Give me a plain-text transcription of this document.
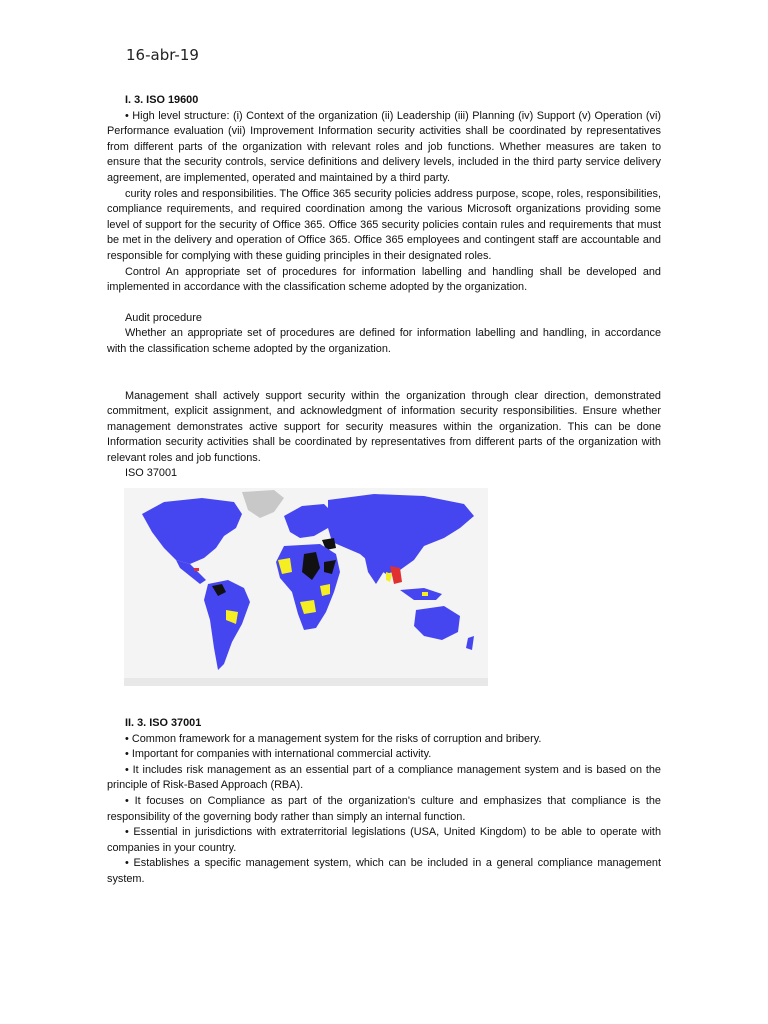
16-abr-19

I. 3. ISO 19600

• High level structure: (i) Context of the organization (ii) Leadership (iii) Planning (iv) Support (v) Operation (vi) Performance evaluation (vii) Improvement Information security activities shall be coordinated by representatives from different parts of the organization with relevant roles and job functions. Whether measures are taken to ensure that the security controls, service definitions and delivery levels, included in the third party service delivery agreement, are implemented, operated and maintained by a third party.

curity roles and responsibilities. The Office 365 security policies address purpose, scope, roles, responsibilities, compliance requirements, and required coordination among the various Microsoft organizations providing some level of support for the security of Office 365. Office 365 security policies contain rules and requirements that must be met in the delivery and operation of Office 365. Office 365 employees and contingent staff are accountable and responsible for complying with these guiding principles in their designated roles.

Control An appropriate set of procedures for information labelling and handling shall be developed and implemented in accordance with the classification scheme adopted by the organization.

Audit procedure

Whether an appropriate set of procedures are defined for information labelling and handling, in accordance with the classification scheme adopted by the organization.

Management shall actively support security within the organization through clear direction, demonstrated commitment, explicit assignment, and acknowledgment of information security responsibilities. Ensure whether management demonstrates active support for security measures within the organization. This can be done Information security activities shall be coordinated by representatives from different parts of the organization with relevant roles and job functions.

ISO 37001

II. 3. ISO 37001

• Common framework for a management system for the risks of corruption and bribery.

• Important for companies with international commercial activity.

• It includes risk management as an essential part of a compliance management system and is based on the principle of Risk-Based Approach (RBA).

• It focuses on Compliance as part of the organization's culture and emphasizes that compliance is the responsibility of the governing body rather than simply an internal function.

• Essential in jurisdictions with extraterritorial legislations (USA, United Kingdom) to be able to operate with companies in your country.

• Establishes a specific management system, which can be included in a general compliance management system.
